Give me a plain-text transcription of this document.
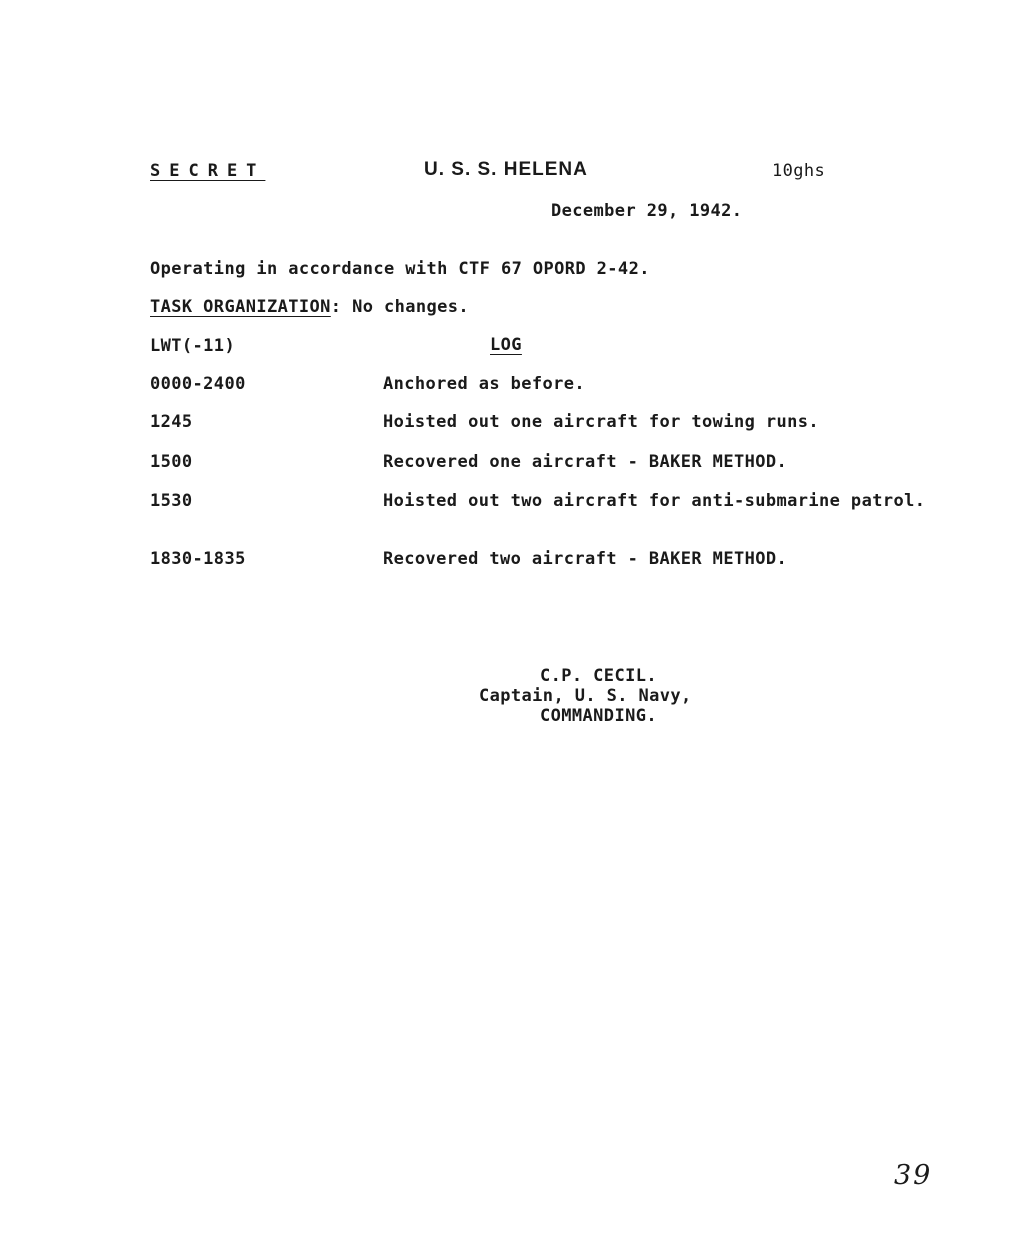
SECRET	U. S. S. HELENA	10ghs
December 29, 1942.
Operating in accordance with CTF 67 OPORD 2-42.
TASK ORGANIZATION: No changes.
LWT(-11)	LOG
0000-2400	Anchored as before.
1245	Hoisted out one aircraft for towing runs.
1500	Recovered one aircraft - BAKER METHOD.
1530	Hoisted out two aircraft for anti-submarine patrol.
1830-1835	Recovered two aircraft - BAKER METHOD.
C.P. CECIL.
Captain, U. S. Navy,
COMMANDING.
39
